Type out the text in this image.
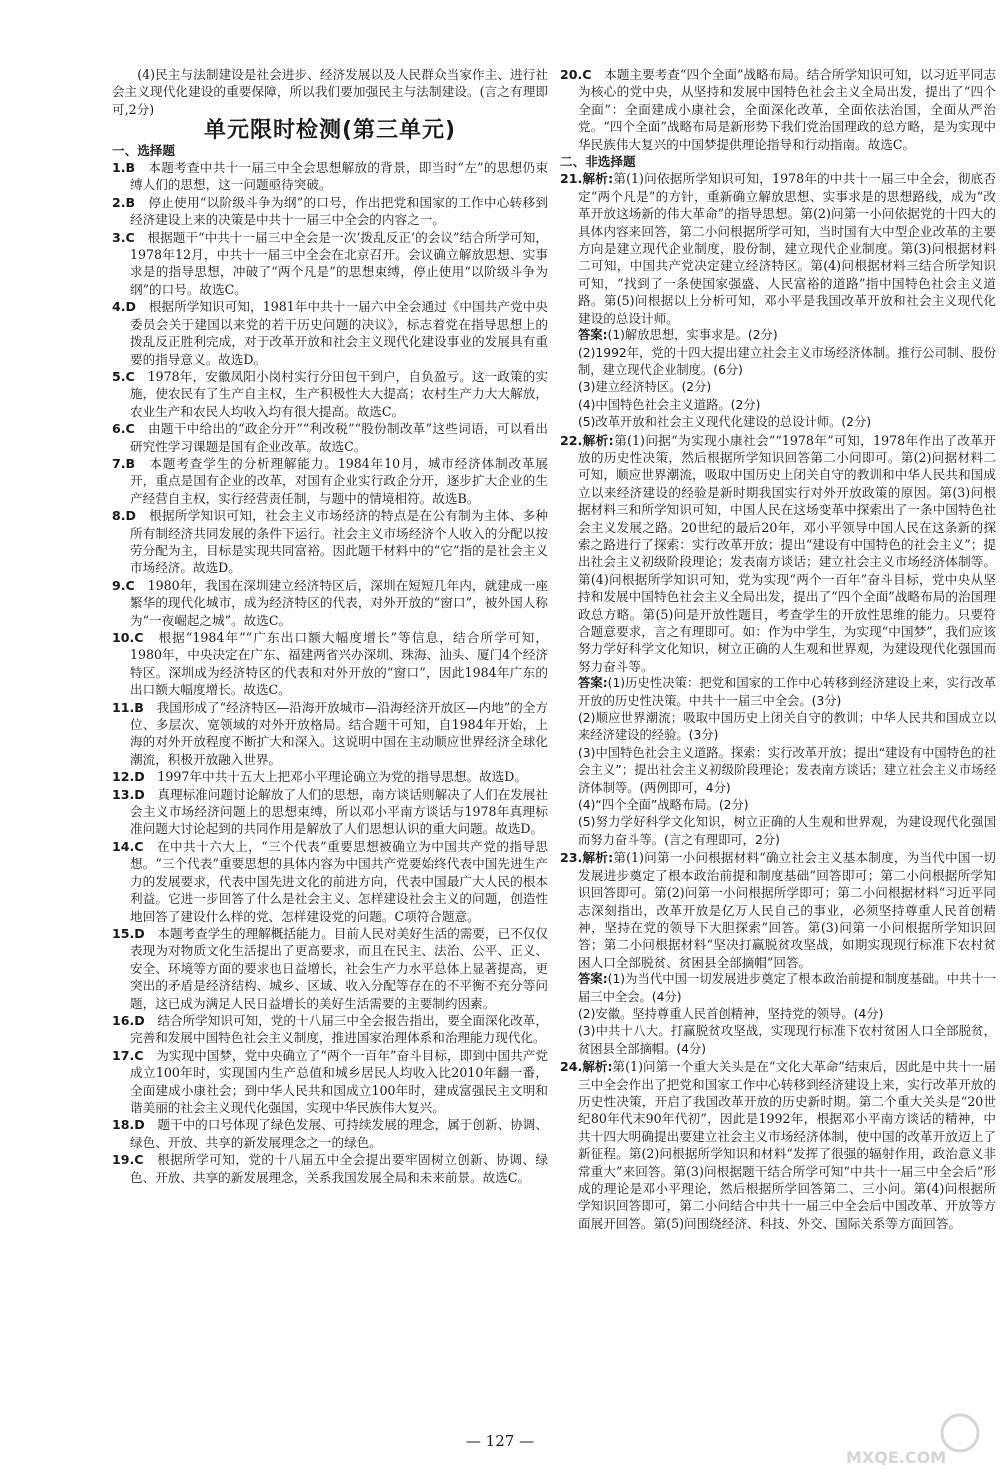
(4)民主与法制建设是社会进步、经济发展以及人民群众当家作主、进行社会主义现代化建设的重要保障，所以我们要加强民主与法制建设。(言之有理即可,2分)

单元限时检测(第三单元)
一、选择题

1.B　 本题考查中共十一届三中全会思想解放的背景，即当时“左”的思想仍束缚人们的思想，这一问题亟待突破。

2.B　 停止使用“以阶级斗争为纲”的口号，作出把党和国家的工作中心转移到经济建设上来的决策是中共十一届三中全会的内容之一。

3.C　 根据题干“中共十一届三中全会是一次‘拨乱反正’的会议”结合所学可知，1978年12月，中共十一届三中全会在北京召开。会议确立解放思想、实事求是的指导思想，冲破了“两个凡是”的思想束缚，停止使用“以阶级斗争为纲”的口号。故选C。

4.D　 根据所学知识可知，1981年中共十一届六中全会通过《中国共产党中央委员会关于建国以来党的若干历史问题的决议》，标志着党在指导思想上的拨乱反正胜利完成，对于改革开放和社会主义现代化建设事业的发展具有重要的指导意义。故选D。

5.C　 1978年，安徽凤阳小岗村实行分田包干到户，自负盈亏。这一政策的实施，使农民有了生产自主权，生产积极性大大提高；农村生产力大大解放，农业生产和农民人均收入均有很大提高。故选C。

6.C　 由题干中给出的“政企分开”“利改税”“股份制改革”这些词语，可以看出研究性学习课题是国有企业改革。故选C。

7.B　 本题考查学生的分析理解能力。1984年10月，城市经济体制改革展开，重点是国有企业的改革，对国有企业实行政企分开，逐步扩大企业的生产经营自主权，实行经营责任制，与题中的情境相符。故选B。

8.D　 根据所学知识可知，社会主义市场经济的特点是在公有制为主体、多种所有制经济共同发展的条件下运行。社会主义市场经济个人收入的分配以按劳分配为主，目标是实现共同富裕。因此题干材料中的“它”指的是社会主义市场经济。故选D。

9.C　 1980年，我国在深圳建立经济特区后，深圳在短短几年内，就建成一座繁华的现代化城市，成为经济特区的代表，对外开放的“窗口”，被外国人称为“一夜崛起之城”。故选C。

10.C　 根据“1984年”“广东出口额大幅度增长”等信息，结合所学可知，1980年，中央决定在广东、福建两省兴办深圳、珠海、汕头、厦门4个经济特区。深圳成为经济特区的代表和对外开放的“窗口”，因此1984年广东的出口额大幅度增长。故选C。

11.B　 我国形成了“经济特区—沿海开放城市—沿海经济开放区—内地”的全方位、多层次、宽领域的对外开放格局。结合题干可知，自1984年开始，上海的对外开放程度不断扩大和深入。这说明中国在主动顺应世界经济全球化潮流，积极开放融入世界。

12.D　 1997年中共十五大上把邓小平理论确立为党的指导思想。故选D。

13.D　 真理标准问题讨论解放了人们的思想，南方谈话则解决了人们在发展社会主义市场经济问题上的思想束缚，所以邓小平南方谈话与1978年真理标准问题大讨论起到的共同作用是解放了人们思想认识的重大问题。故选D。

14.C　 在中共十六大上，“三个代表”重要思想被确立为中国共产党的指导思想。“三个代表”重要思想的具体内容为中国共产党要始终代表中国先进生产力的发展要求，代表中国先进文化的前进方向，代表中国最广大人民的根本利益。它进一步回答了什么是社会主义、怎样建设社会主义的问题，创造性地回答了建设什么样的党、怎样建设党的问题。C项符合题意。

15.D　 本题考查学生的理解概括能力。目前人民对美好生活的需要，已不仅仅表现为对物质文化生活提出了更高要求，而且在民主、法治、公平、正义、安全、环境等方面的要求也日益增长，社会生产力水平总体上显著提高，更突出的矛盾是经济结构、城乡、区域、收入分配等存在的不平衡不充分等问题，这已成为满足人民日益增长的美好生活需要的主要制约因素。

16.D　 结合所学知识可知，党的十八届三中全会报告指出，要全面深化改革，完善和发展中国特色社会主义制度，推进国家治理体系和治理能力现代化。

17.C　 为实现中国梦，党中央确立了“两个一百年”奋斗目标，即到中国共产党成立100年时，实现国内生产总值和城乡居民人均收入比2010年翻一番，全面建成小康社会；到中华人民共和国成立100年时，建成富强民主文明和谐美丽的社会主义现代化强国，实现中华民族伟大复兴。

18.D　 题干中的口号体现了绿色发展、可持续发展的理念，属于创新、协调、绿色、开放、共享的新发展理念之一的绿色。

19.C　 根据所学可知，党的十八届五中全会提出要牢固树立创新、协调、绿色、开放、共享的新发展理念，关系我国发展全局和未来前景。故选C。

20.C　 本题主要考查“四个全面”战略布局。结合所学知识可知，以习近平同志为核心的党中央，从坚持和发展中国特色社会主义全局出发，提出了“四个全面”：全面建成小康社会，全面深化改革，全面依法治国，全面从严治党。“四个全面”战略布局是新形势下我们党治国理政的总方略，是为实现中华民族伟大复兴的中国梦提供理论指导和行动指南。故选C。

二、非选择题

21.解析:第(1)问依据所学知识可知，1978年的中共十一届三中全会，彻底否定“两个凡是”的方针，重新确立解放思想、实事求是的思想路线，成为“改革开放这场新的伟大革命”的指导思想。第(2)问第一小问依据党的十四大的具体内容来回答，第二小问根据所学可知，当时国有大中型企业改革的主要方向是建立现代企业制度，股份制，建立现代企业制度。第(3)问根据材料二可知，中国共产党决定建立经济特区。第(4)问根据材料三结合所学知识可知，“找到了一条使国家强盛、人民富裕的道路”指中国特色社会主义道路。第(5)问根据以上分析可知，邓小平是我国改革开放和社会主义现代化建设的总设计师。

答案:(1)解放思想，实事求是。(2分)

(2)1992年，党的十四大提出建立社会主义市场经济体制。推行公司制、股份制，建立现代企业制度。(6分)

(3)建立经济特区。(2分)

(4)中国特色社会主义道路。(2分)

(5)改革开放和社会主义现代化建设的总设计师。(2分)

22.解析:第(1)问据“为实现小康社会”“1978年”可知，1978年作出了改革开放的历史性决策，然后根据所学知识回答第二小问即可。第(2)问据材料二可知，顺应世界潮流，吸取中国历史上闭关自守的教训和中华人民共和国成立以来经济建设的经验是新时期我国实行对外开放政策的原因。第(3)问根据材料三和所学知识可知，中国人民在这场变革中探索出了一条中国特色社会主义发展之路。20世纪的最后20年，邓小平领导中国人民在这条新的探索之路进行了探索：实行改革开放；提出“建设有中国特色的社会主义”；提出社会主义初级阶段理论；发表南方谈话；建立社会主义市场经济体制等。第(4)问根据所学知识可知，党为实现“两个一百年”奋斗目标，党中央从坚持和发展中国特色社会主义全局出发，提出了“四个全面”战略布局的治国理政总方略。第(5)问是开放性题目，考查学生的开放性思维的能力。只要符合题意要求，言之有理即可。如：作为中学生，为实现“中国梦”，我们应该努力学好科学文化知识，树立正确的人生观和世界观，为建设现代化强国而努力奋斗等。

答案:(1)历史性决策：把党和国家的工作中心转移到经济建设上来，实行改革开放的历史性决策。中共十一届三中全会。(3分)

(2)顺应世界潮流；吸取中国历史上闭关自守的教训；中华人民共和国成立以来经济建设的经验。(3分)

(3)中国特色社会主义道路。探索：实行改革开放；提出“建设有中国特色的社会主义”；提出社会主义初级阶段理论；发表南方谈话；建立社会主义市场经济体制等。(两例即可，4分)

(4)“四个全面”战略布局。(2分)

(5)努力学好科学文化知识，树立正确的人生观和世界观，为建设现代化强国而努力奋斗等。(言之有理即可，2分)

23.解析:第(1)问第一小问根据材料“确立社会主义基本制度，为当代中国一切发展进步奠定了根本政治前提和制度基础”回答即可；第二小问根据所学知识回答即可。第(2)问第一小问根据所学即可；第二小问根据材料“习近平同志深刻指出，改革开放是亿万人民自己的事业，必须坚持尊重人民首创精神，坚持在党的领导下大胆探索”回答。第(3)问第一小问根据所学知识回答；第二小问根据材料“坚决打赢脱贫攻坚战，如期实现现行标准下农村贫困人口全部脱贫、贫困县全部摘帽”回答。

答案:(1)为当代中国一切发展进步奠定了根本政治前提和制度基础。中共十一届三中全会。(4分)

(2)安徽。坚持尊重人民首创精神，坚持党的领导。(4分)

(3)中共十八大。打赢脱贫攻坚战，实现现行标准下农村贫困人口全部脱贫，贫困县全部摘帽。(4分)

24.解析:第(1)问第一个重大关头是在“文化大革命”结束后，因此是中共十一届三中全会作出了把党和国家工作中心转移到经济建设上来，实行改革开放的历史性决策，开启了我国改革开放的历史新时期。第二个重大关头是“20世纪80年代末90年代初”，因此是1992年，根据邓小平南方谈话的精神，中共十四大明确提出要建立社会主义市场经济体制，使中国的改革开放迈上了新征程。第(2)问根据所学知识和材料“发挥了很强的辐射作用，政治意义非常重大”来回答。第(3)问根据题干结合所学可知“中共十一届三中全会后”形成的理论是邓小平理论，然后根据所学回答第二、三小问。第(4)问根据所学知识回答即可，第二小问结合中共十一届三中全会后中国改革、开放等方面展开回答。第(5)问围绕经济、科技、外交、国际关系等方面回答。

— 127 —
MXQE.COM
